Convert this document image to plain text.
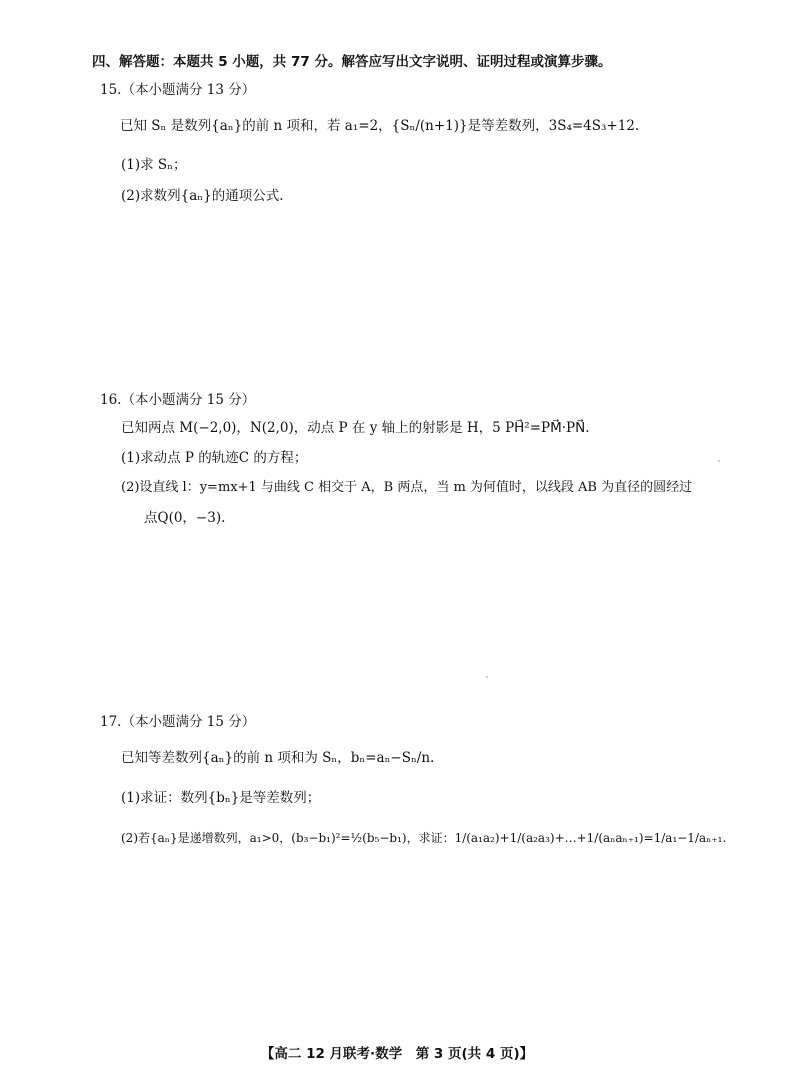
四、解答题：本题共 5 小题，共 77 分。解答应写出文字说明、证明过程或演算步骤。
15.（本小题满分 13 分）
已知 Sₙ 是数列{aₙ}的前 n 项和，若 a₁=2，{Sₙ/(n+1)}是等差数列，3S₄=4S₃+12.
(1)求 Sₙ；
(2)求数列{aₙ}的通项公式.
16.（本小题满分 15 分）
已知两点 M(−2,0)，N(2,0)，动点 P 在 y 轴上的射影是 H，5 PH⃗²=PM⃗·PN⃗.
(1)求动点 P 的轨迹C 的方程；
(2)设直线 l：y=mx+1 与曲线 C 相交于 A，B 两点，当 m 为何值时，以线段 AB 为直径的圆经过
点Q(0，−3).
17.（本小题满分 15 分）
已知等差数列{aₙ}的前 n 项和为 Sₙ，bₙ=aₙ−Sₙ/n.
(1)求证：数列{bₙ}是等差数列；
(2)若{aₙ}是递增数列，a₁>0，(b₃−b₁)²=½(b₅−b₁)，求证：1/(a₁a₂)+1/(a₂a₃)+…+1/(aₙaₙ₊₁)=1/a₁−1/aₙ₊₁.
【高二 12 月联考·数学　第 3 页(共 4 页)】
